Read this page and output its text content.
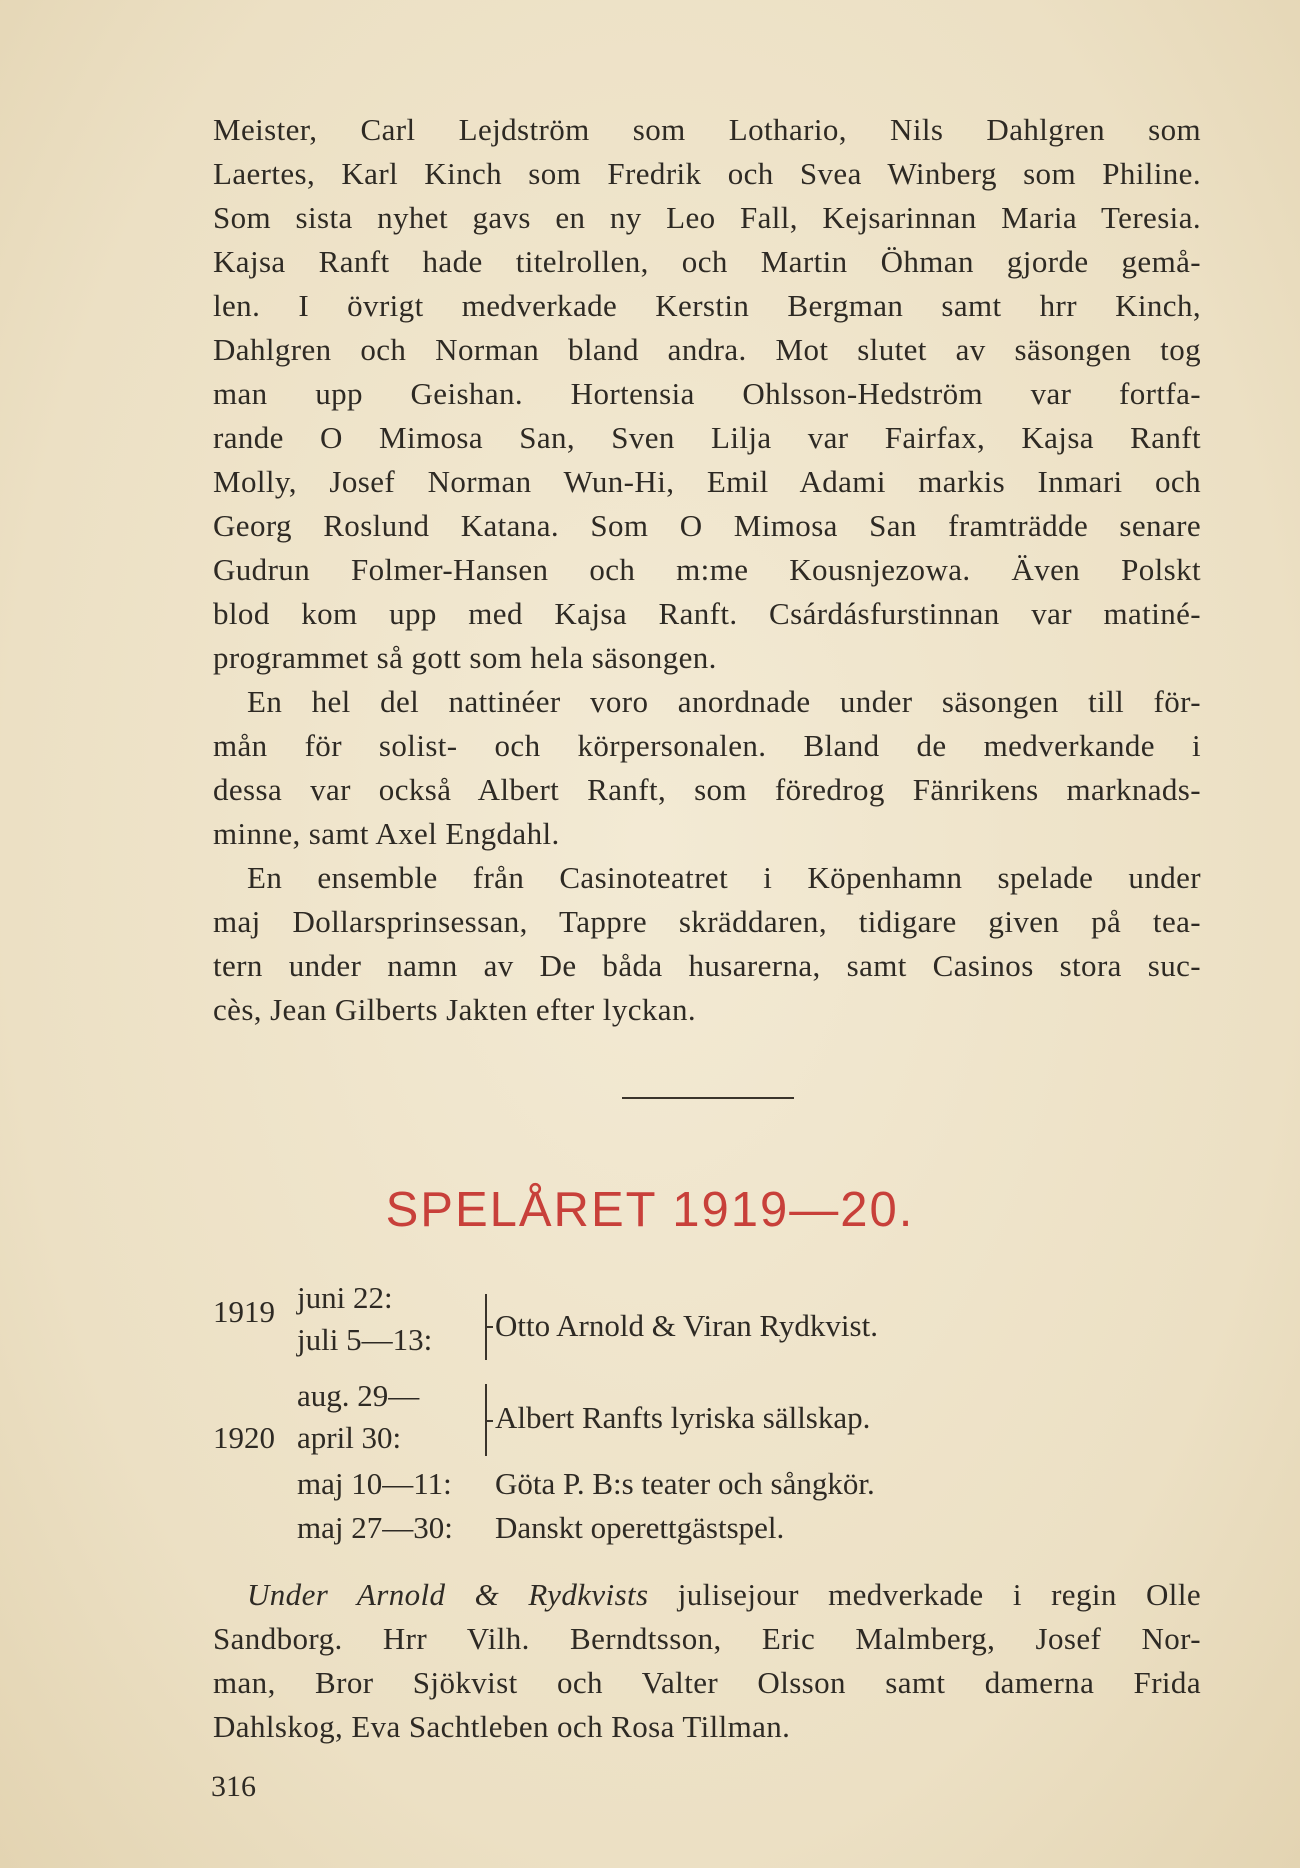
Meister, Carl Lejdström som Lothario, Nils Dahlgren som
Laertes, Karl Kinch som Fredrik och Svea Winberg som Philine.
Som sista nyhet gavs en ny Leo Fall, Kejsarinnan Maria Teresia.
Kajsa Ranft hade titelrollen, och Martin Öhman gjorde gemå-
len. I övrigt medverkade Kerstin Bergman samt hrr Kinch,
Dahlgren och Norman bland andra. Mot slutet av säsongen tog
man upp Geishan. Hortensia Ohlsson-Hedström var fortfa-
rande O Mimosa San, Sven Lilja var Fairfax, Kajsa Ranft
Molly, Josef Norman Wun-Hi, Emil Adami markis Inmari och
Georg Roslund Katana. Som O Mimosa San framträdde senare
Gudrun Folmer-Hansen och m:me Kousnjezowa. Även Polskt
blod kom upp med Kajsa Ranft. Csárdásfurstinnan var matiné-
programmet så gott som hela säsongen.
En hel del nattinéer voro anordnade under säsongen till för-
mån för solist- och körpersonalen. Bland de medverkande i
dessa var också Albert Ranft, som föredrog Fänrikens marknads-
minne, samt Axel Engdahl.
En ensemble från Casinoteatret i Köpenhamn spelade under
maj Dollarsprinsessan, Tappre skräddaren, tidigare given på tea-
tern under namn av De båda husarerna, samt Casinos stora suc-
cès, Jean Gilberts Jakten efter lyckan.
SPELÅRET 1919—20.
1919 juni 22:
juli 5—13: Otto Arnold & Viran Rydkvist.
aug. 29—
1920 april 30:
Albert Ranfts lyriska sällskap.
maj 10—11: Göta P. B:s teater och sångkör.
maj 27—30: Danskt operettgästspel.
Under Arnold & Rydkvists julisejour medverkade i regin Olle
Sandborg. Hrr Vilh. Berndtsson, Eric Malmberg, Josef Nor-
man, Bror Sjökvist och Valter Olsson samt damerna Frida
Dahlskog, Eva Sachtleben och Rosa Tillman.
316
